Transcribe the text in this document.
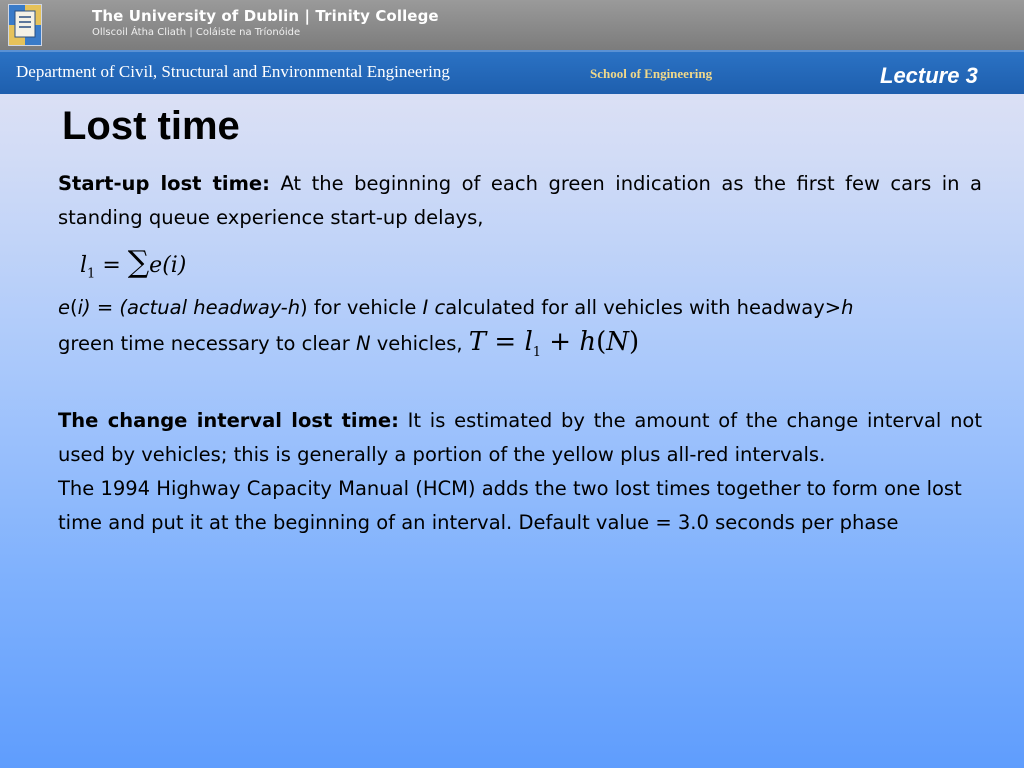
The University of Dublin | Trinity College
Ollscoil Átha Cliath | Coláiste na Tríonóide
Department of Civil, Structural and Environmental Engineering	School of Engineering	Lecture 3
Lost time

Start-up lost time: At the beginning of each green indication as the first few cars in a standing queue experience start-up delays,

$l_1 = \sum e(i)$

e(i) = (actual headway-h) for vehicle I calculated for all vehicles with headway>h

green time necessary to clear N vehicles, $T = l_1 + h(N)$

The change interval lost time: It is estimated by the amount of the change interval not used by vehicles; this is generally a portion of the yellow plus all-red intervals.

The 1994 Highway Capacity Manual (HCM) adds the two lost times together to form one lost time and put it at the beginning of an interval. Default value = 3.0 seconds per phase
